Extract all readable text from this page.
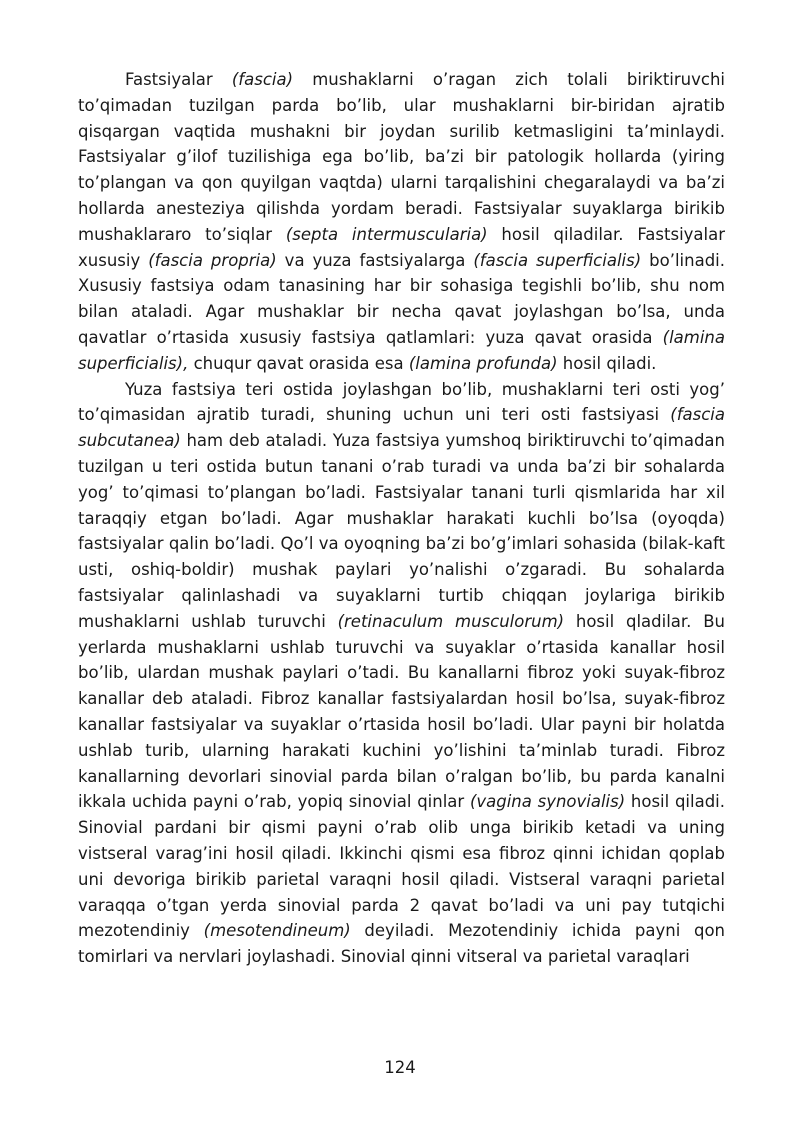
Fastsiyalar (fascia) mushaklarni o’ragan zich tolali biriktiruvchi to’qimadan tuzilgan parda bo’lib, ular mushaklarni bir-biridan ajratib qisqargan vaqtida mushakni bir joydan surilib ketmasligini ta’minlaydi. Fastsiyalar g’ilof tuzilishiga ega bo’lib, ba’zi bir patologik hollarda (yiring to’plangan va qon quyilgan vaqtda) ularni tarqalishini chegaralaydi va ba’zi hollarda anesteziya qilishda yordam beradi. Fastsiyalar suyaklarga birikib mushaklararo to’siqlar (septa intermuscularia) hosil qiladilar. Fastsiyalar xususiy (fascia propria) va yuza fastsiyalarga (fascia superficialis) bo’linadi. Xususiy fastsiya odam tanasining har bir sohasiga tegishli bo’lib, shu nom bilan ataladi. Agar mushaklar bir necha qavat joylashgan bo’lsa, unda qavatlar o’rtasida xususiy fastsiya qatlamlari: yuza qavat orasida (lamina superficialis), chuqur qavat orasida esa (lamina profunda) hosil qiladi.

Yuza fastsiya teri ostida joylashgan bo’lib, mushaklarni teri osti yog’ to’qimasidan ajratib turadi, shuning uchun uni teri osti fastsiyasi (fascia subcutanea) ham deb ataladi. Yuza fastsiya yumshoq biriktiruvchi to’qimadan tuzilgan u teri ostida butun tanani o’rab turadi va unda ba’zi bir sohalarda yog’ to’qimasi to’plangan bo’ladi. Fastsiyalar tanani turli qismlarida har xil taraqqiy etgan bo’ladi. Agar mushaklar harakati kuchli bo’lsa (oyoqda) fastsiyalar qalin bo’ladi. Qo’l va oyoqning ba’zi bo’g’imlari sohasida (bilak-kaft usti, oshiq-boldir) mushak paylari yo’nalishi o’zgaradi. Bu sohalarda fastsiyalar qalinlashadi va suyaklarni turtib chiqqan joylariga birikib mushaklarni ushlab turuvchi (retinaculum musculorum) hosil qladilar. Bu yerlarda mushaklarni ushlab turuvchi va suyaklar o’rtasida kanallar hosil bo’lib, ulardan mushak paylari o’tadi. Bu kanallarni fibroz yoki suyak-fibroz kanallar deb ataladi. Fibroz kanallar fastsiyalardan hosil bo’lsa, suyak-fibroz kanallar fastsiyalar va suyaklar o’rtasida hosil bo’ladi. Ular payni bir holatda ushlab turib, ularning harakati kuchini yo’lishini ta’minlab turadi. Fibroz kanallarning devorlari sinovial parda bilan o’ralgan bo’lib, bu parda kanalni ikkala uchida payni o’rab, yopiq sinovial qinlar (vagina synovialis) hosil qiladi. Sinovial pardani bir qismi payni o’rab olib unga birikib ketadi va uning vistseral varag’ini hosil qiladi. Ikkinchi qismi esa fibroz qinni ichidan qoplab uni devoriga birikib parietal varaqni hosil qiladi. Vistseral varaqni parietal varaqqa o’tgan yerda sinovial parda 2 qavat bo’ladi va uni pay tutqichi mezotendiniy (mesotendineum) deyiladi. Mezotendiniy ichida payni qon tomirlari va nervlari joylashadi. Sinovial qinni vitseral va parietal varaqlari

124
